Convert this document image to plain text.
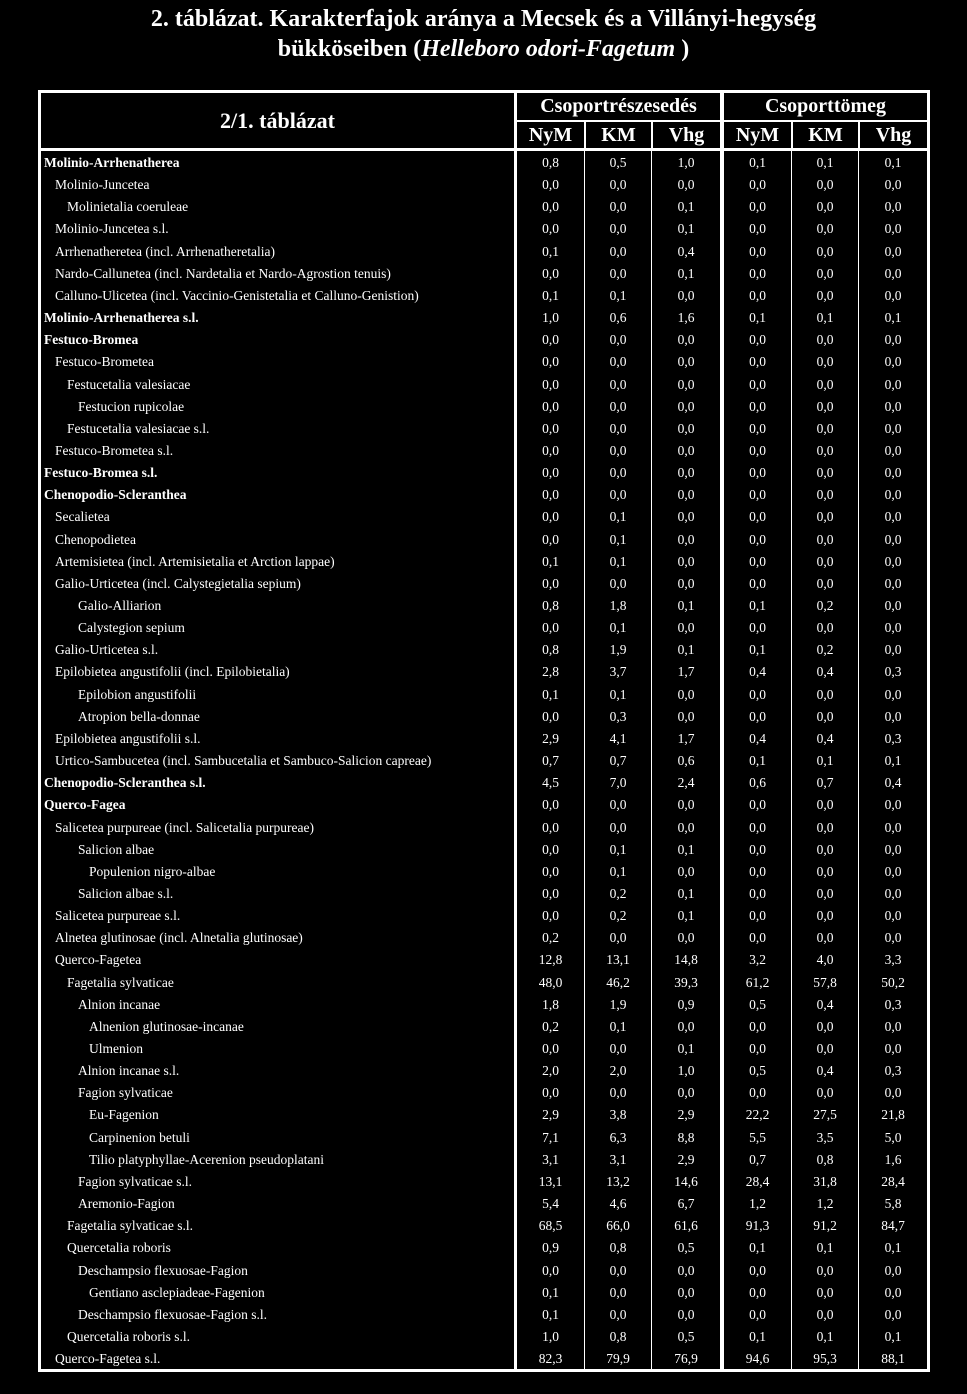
2. táblázat. Karakterfajok aránya a Mecsek és a Villányi-hegység
bükköseiben (Helleboro odori-Fagetum )
2/1. táblázat
Csoportrészesedés	Csoporttömeg
NyM	KM	Vhg	NyM	KM	Vhg
Molinio-Arrhenatherea	0,8	0,5	1,0	0,1	0,1	0,1
Molinio-Juncetea	0,0	0,0	0,0	0,0	0,0	0,0
Molinietalia coeruleae	0,0	0,0	0,1	0,0	0,0	0,0
Molinio-Juncetea s.l.	0,0	0,0	0,1	0,0	0,0	0,0
Arrhenatheretea (incl. Arrhenatheretalia)	0,1	0,0	0,4	0,0	0,0	0,0
Nardo-Callunetea (incl. Nardetalia et Nardo-Agrostion tenuis)	0,0	0,0	0,1	0,0	0,0	0,0
Calluno-Ulicetea (incl. Vaccinio-Genistetalia et Calluno-Genistion)	0,1	0,1	0,0	0,0	0,0	0,0
Molinio-Arrhenatherea s.l.	1,0	0,6	1,6	0,1	0,1	0,1
Festuco-Bromea	0,0	0,0	0,0	0,0	0,0	0,0
Festuco-Brometea	0,0	0,0	0,0	0,0	0,0	0,0
Festucetalia valesiacae	0,0	0,0	0,0	0,0	0,0	0,0
Festucion rupicolae	0,0	0,0	0,0	0,0	0,0	0,0
Festucetalia valesiacae s.l.	0,0	0,0	0,0	0,0	0,0	0,0
Festuco-Brometea s.l.	0,0	0,0	0,0	0,0	0,0	0,0
Festuco-Bromea s.l.	0,0	0,0	0,0	0,0	0,0	0,0
Chenopodio-Scleranthea	0,0	0,0	0,0	0,0	0,0	0,0
Secalietea	0,0	0,1	0,0	0,0	0,0	0,0
Chenopodietea	0,0	0,1	0,0	0,0	0,0	0,0
Artemisietea (incl. Artemisietalia et Arction lappae)	0,1	0,1	0,0	0,0	0,0	0,0
Galio-Urticetea (incl. Calystegietalia sepium)	0,0	0,0	0,0	0,0	0,0	0,0
Galio-Alliarion	0,8	1,8	0,1	0,1	0,2	0,0
Calystegion sepium	0,0	0,1	0,0	0,0	0,0	0,0
Galio-Urticetea s.l.	0,8	1,9	0,1	0,1	0,2	0,0
Epilobietea angustifolii (incl. Epilobietalia)	2,8	3,7	1,7	0,4	0,4	0,3
Epilobion angustifolii	0,1	0,1	0,0	0,0	0,0	0,0
Atropion bella-donnae	0,0	0,3	0,0	0,0	0,0	0,0
Epilobietea angustifolii s.l.	2,9	4,1	1,7	0,4	0,4	0,3
Urtico-Sambucetea (incl. Sambucetalia et Sambuco-Salicion capreae)	0,7	0,7	0,6	0,1	0,1	0,1
Chenopodio-Scleranthea s.l.	4,5	7,0	2,4	0,6	0,7	0,4
Querco-Fagea	0,0	0,0	0,0	0,0	0,0	0,0
Salicetea purpureae (incl. Salicetalia purpureae)	0,0	0,0	0,0	0,0	0,0	0,0
Salicion albae	0,0	0,1	0,1	0,0	0,0	0,0
Populenion nigro-albae	0,0	0,1	0,0	0,0	0,0	0,0
Salicion albae s.l.	0,0	0,2	0,1	0,0	0,0	0,0
Salicetea purpureae s.l.	0,0	0,2	0,1	0,0	0,0	0,0
Alnetea glutinosae (incl. Alnetalia glutinosae)	0,2	0,0	0,0	0,0	0,0	0,0
Querco-Fagetea	12,8	13,1	14,8	3,2	4,0	3,3
Fagetalia sylvaticae	48,0	46,2	39,3	61,2	57,8	50,2
Alnion incanae	1,8	1,9	0,9	0,5	0,4	0,3
Alnenion glutinosae-incanae	0,2	0,1	0,0	0,0	0,0	0,0
Ulmenion	0,0	0,0	0,1	0,0	0,0	0,0
Alnion incanae s.l.	2,0	2,0	1,0	0,5	0,4	0,3
Fagion sylvaticae	0,0	0,0	0,0	0,0	0,0	0,0
Eu-Fagenion	2,9	3,8	2,9	22,2	27,5	21,8
Carpinenion betuli	7,1	6,3	8,8	5,5	3,5	5,0
Tilio platyphyllae-Acerenion pseudoplatani	3,1	3,1	2,9	0,7	0,8	1,6
Fagion sylvaticae s.l.	13,1	13,2	14,6	28,4	31,8	28,4
Aremonio-Fagion	5,4	4,6	6,7	1,2	1,2	5,8
Fagetalia sylvaticae s.l.	68,5	66,0	61,6	91,3	91,2	84,7
Quercetalia roboris	0,9	0,8	0,5	0,1	0,1	0,1
Deschampsio flexuosae-Fagion	0,0	0,0	0,0	0,0	0,0	0,0
Gentiano asclepiadeae-Fagenion	0,1	0,0	0,0	0,0	0,0	0,0
Deschampsio flexuosae-Fagion s.l.	0,1	0,0	0,0	0,0	0,0	0,0
Quercetalia roboris s.l.	1,0	0,8	0,5	0,1	0,1	0,1
Querco-Fagetea s.l.	82,3	79,9	76,9	94,6	95,3	88,1
